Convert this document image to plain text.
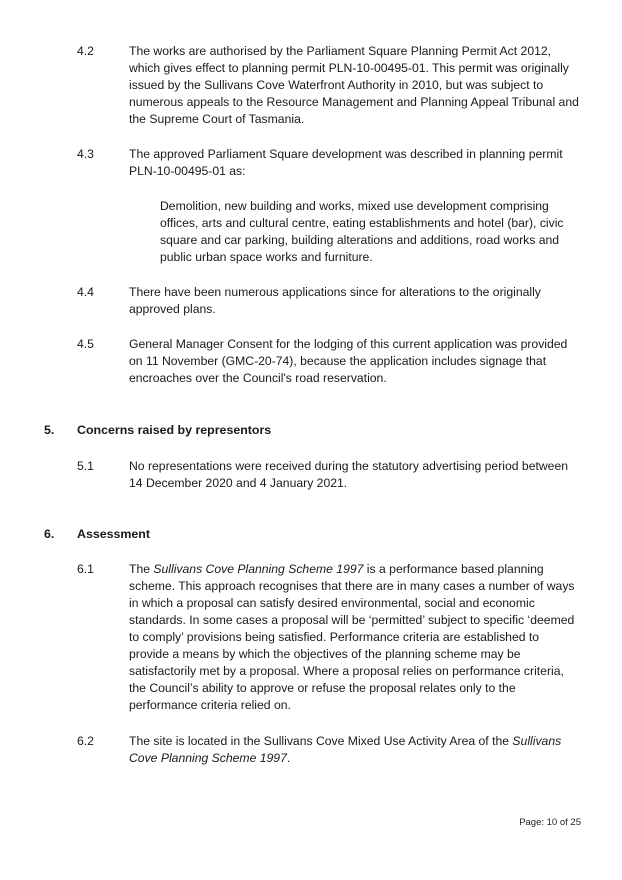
4.2	The works are authorised by the Parliament Square Planning Permit Act 2012, which gives effect to planning permit PLN-10-00495-01. This permit was originally issued by the Sullivans Cove Waterfront Authority in 2010, but was subject to numerous appeals to the Resource Management and Planning Appeal Tribunal and the Supreme Court of Tasmania.

4.3	The approved Parliament Square development was described in planning permit PLN-10-00495-01 as:

Demolition, new building and works, mixed use development comprising offices, arts and cultural centre, eating establishments and hotel (bar), civic square and car parking, building alterations and additions, road works and public urban space works and furniture.

4.4	There have been numerous applications since for alterations to the originally approved plans.

4.5	General Manager Consent for the lodging of this current application was provided on 11 November (GMC-20-74), because the application includes signage that encroaches over the Council's road reservation.

5. Concerns raised by representors
5.1	No representations were received during the statutory advertising period between 14 December 2020 and 4 January 2021.

6. Assessment
6.1	The Sullivans Cove Planning Scheme 1997 is a performance based planning scheme. This approach recognises that there are in many cases a number of ways in which a proposal can satisfy desired environmental, social and economic standards. In some cases a proposal will be ‘permitted’ subject to specific ‘deemed to comply’ provisions being satisfied. Performance criteria are established to provide a means by which the objectives of the planning scheme may be satisfactorily met by a proposal. Where a proposal relies on performance criteria, the Council’s ability to approve or refuse the proposal relates only to the performance criteria relied on.

6.2	The site is located in the Sullivans Cove Mixed Use Activity Area of the Sullivans Cove Planning Scheme 1997.

Page: 10 of 25
